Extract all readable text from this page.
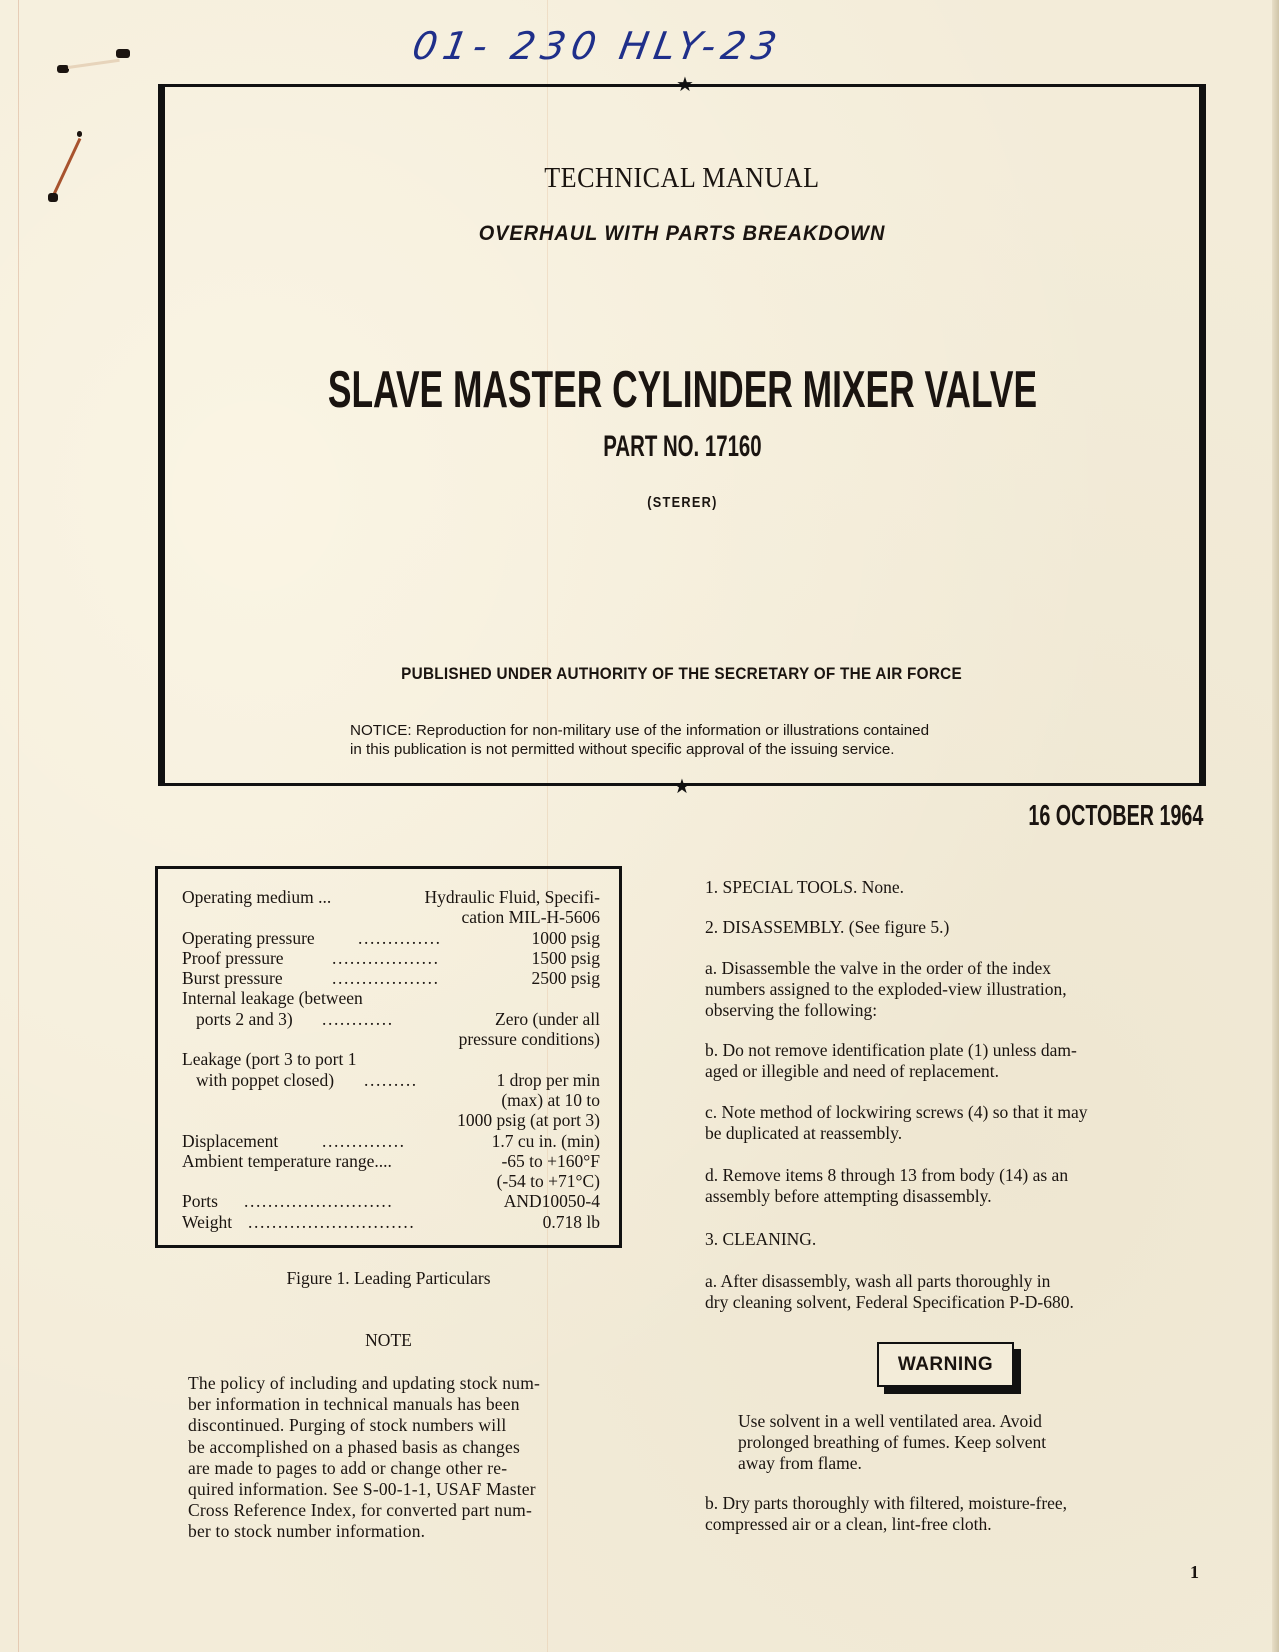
01- 230 HLY-23
★
★
TECHNICAL MANUAL
OVERHAUL WITH PARTS BREAKDOWN
SLAVE MASTER CYLINDER MIXER VALVE
PART NO. 17160
(STERER)
PUBLISHED UNDER AUTHORITY OF THE SECRETARY OF THE AIR FORCE
NOTICE: Reproduction for non-military use of the information or illustrations contained
in this publication is not permitted without specific approval of the issuing service.
16 OCTOBER 1964
Operating medium ...	Hydraulic Fluid, Specifi-
cation MIL-H-5606
Operating pressure ..............	1000 psig
Proof pressure	..................	1500 psig
Burst pressure	..................	2500 psig
Internal leakage (between
ports 2 and 3) ............	Zero (under all
pressure conditions)
Leakage (port 3 to port 1
with poppet closed) .........	1 drop per min
(max) at 10 to
1000 psig (at port 3)
Displacement	..............	1.7 cu in. (min)
Ambient temperature range....	-65 to +160°F
(-54 to +71°C)
Ports .........................	AND10050-4
Weight ............................	0.718 lb
Figure 1. Leading Particulars
NOTE
The policy of including and updating stock num-
ber information in technical manuals has been
discontinued. Purging of stock numbers will
be accomplished on a phased basis as changes
are made to pages to add or change other re-
quired information. See S-00-1-1, USAF Master
Cross Reference Index, for converted part num-
ber to stock number information.
1. SPECIAL TOOLS. None.
2. DISASSEMBLY. (See figure 5.)
a. Disassemble the valve in the order of the index
numbers assigned to the exploded-view illustration,
observing the following:
b. Do not remove identification plate (1) unless dam-
aged or illegible and need of replacement.
c. Note method of lockwiring screws (4) so that it may
be duplicated at reassembly.
d. Remove items 8 through 13 from body (14) as an
assembly before attempting disassembly.
3. CLEANING.
a. After disassembly, wash all parts thoroughly in
dry cleaning solvent, Federal Specification P-D-680.
WARNING
Use solvent in a well ventilated area. Avoid
prolonged breathing of fumes. Keep solvent
away from flame.
b. Dry parts thoroughly with filtered, moisture-free,
compressed air or a clean, lint-free cloth.
1
